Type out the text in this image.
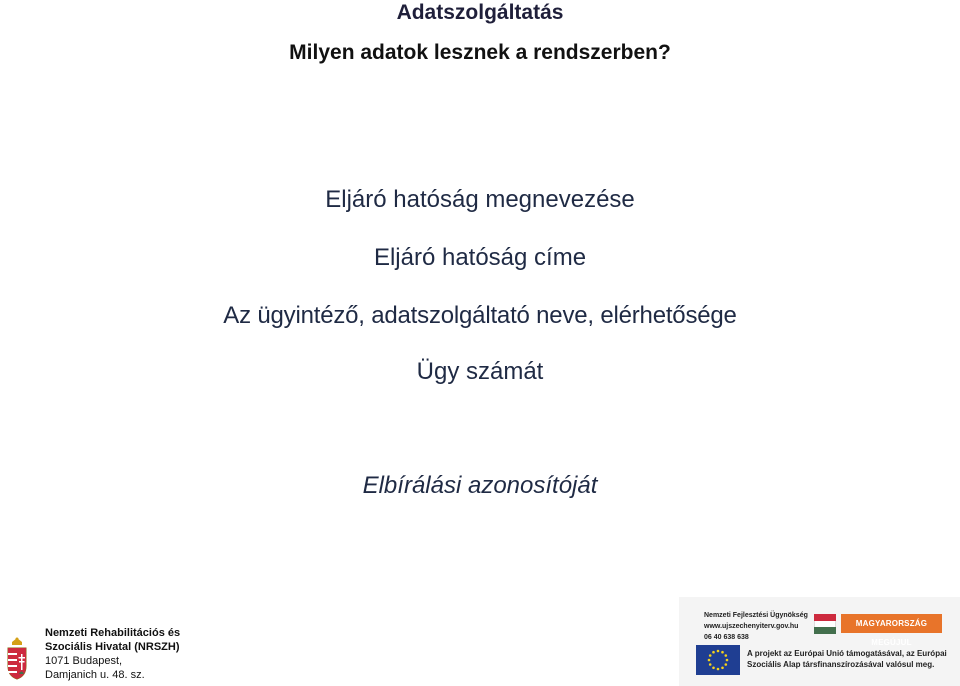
Adatszolgáltatás
Milyen adatok lesznek a rendszerben?
Eljáró hatóság megnevezése
Eljáró hatóság címe
Az ügyintéző, adatszolgáltató neve, elérhetősége
Ügy számát
Elbírálási azonosítóját
Nemzeti Rehabilitációs és
Szociális Hivatal (NRSZH)
1071 Budapest,
Damjanich u. 48. sz.
Nemzeti Fejlesztési Ügynökség
www.ujszechenyiterv.gov.hu
06 40 638 638
MAGYARORSZÁG MEGÚJUL
A projekt az Európai Unió támogatásával, az Európai
Szociális Alap társfinanszírozásával valósul meg.
